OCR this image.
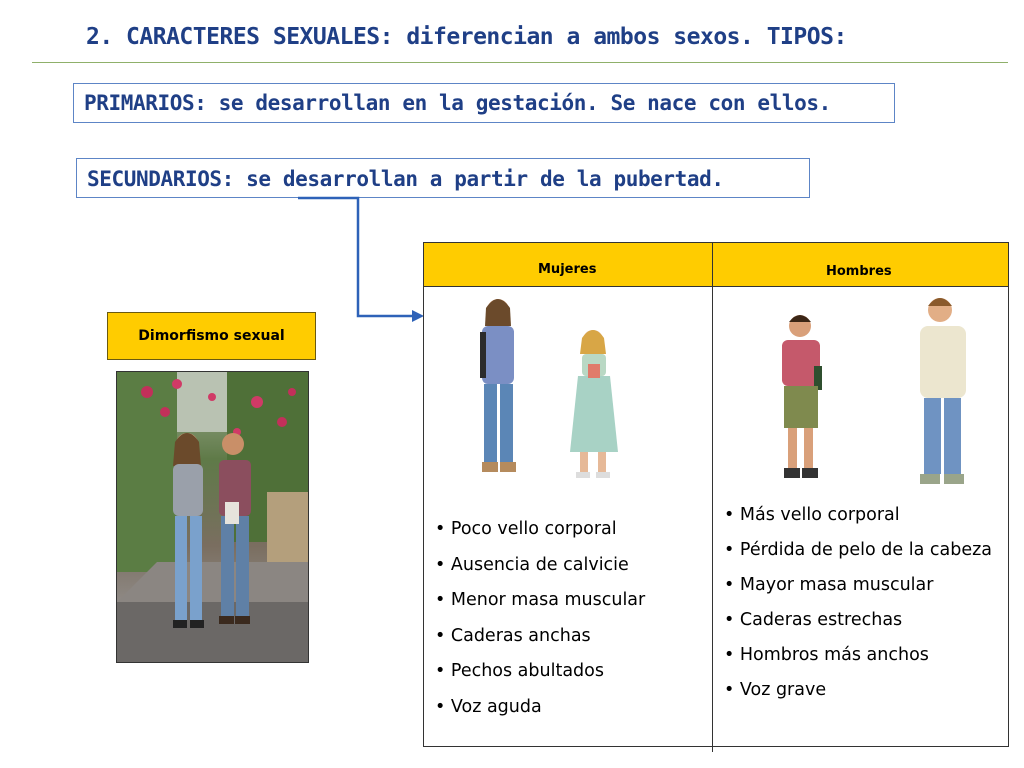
2. CARACTERES SEXUALES: diferencian a ambos sexos. TIPOS:
PRIMARIOS: se desarrollan en la gestación. Se nace con ellos.
SECUNDARIOS: se desarrollan a partir de la pubertad.
Dimorfismo sexual
Mujeres	Hombres
• Poco vello corporal
• Ausencia de calvicie
• Menor masa muscular
• Caderas anchas
• Pechos abultados
• Voz aguda
• Más vello corporal
• Pérdida de pelo de la cabeza
• Mayor masa muscular
• Caderas estrechas
• Hombros más anchos
• Voz grave
